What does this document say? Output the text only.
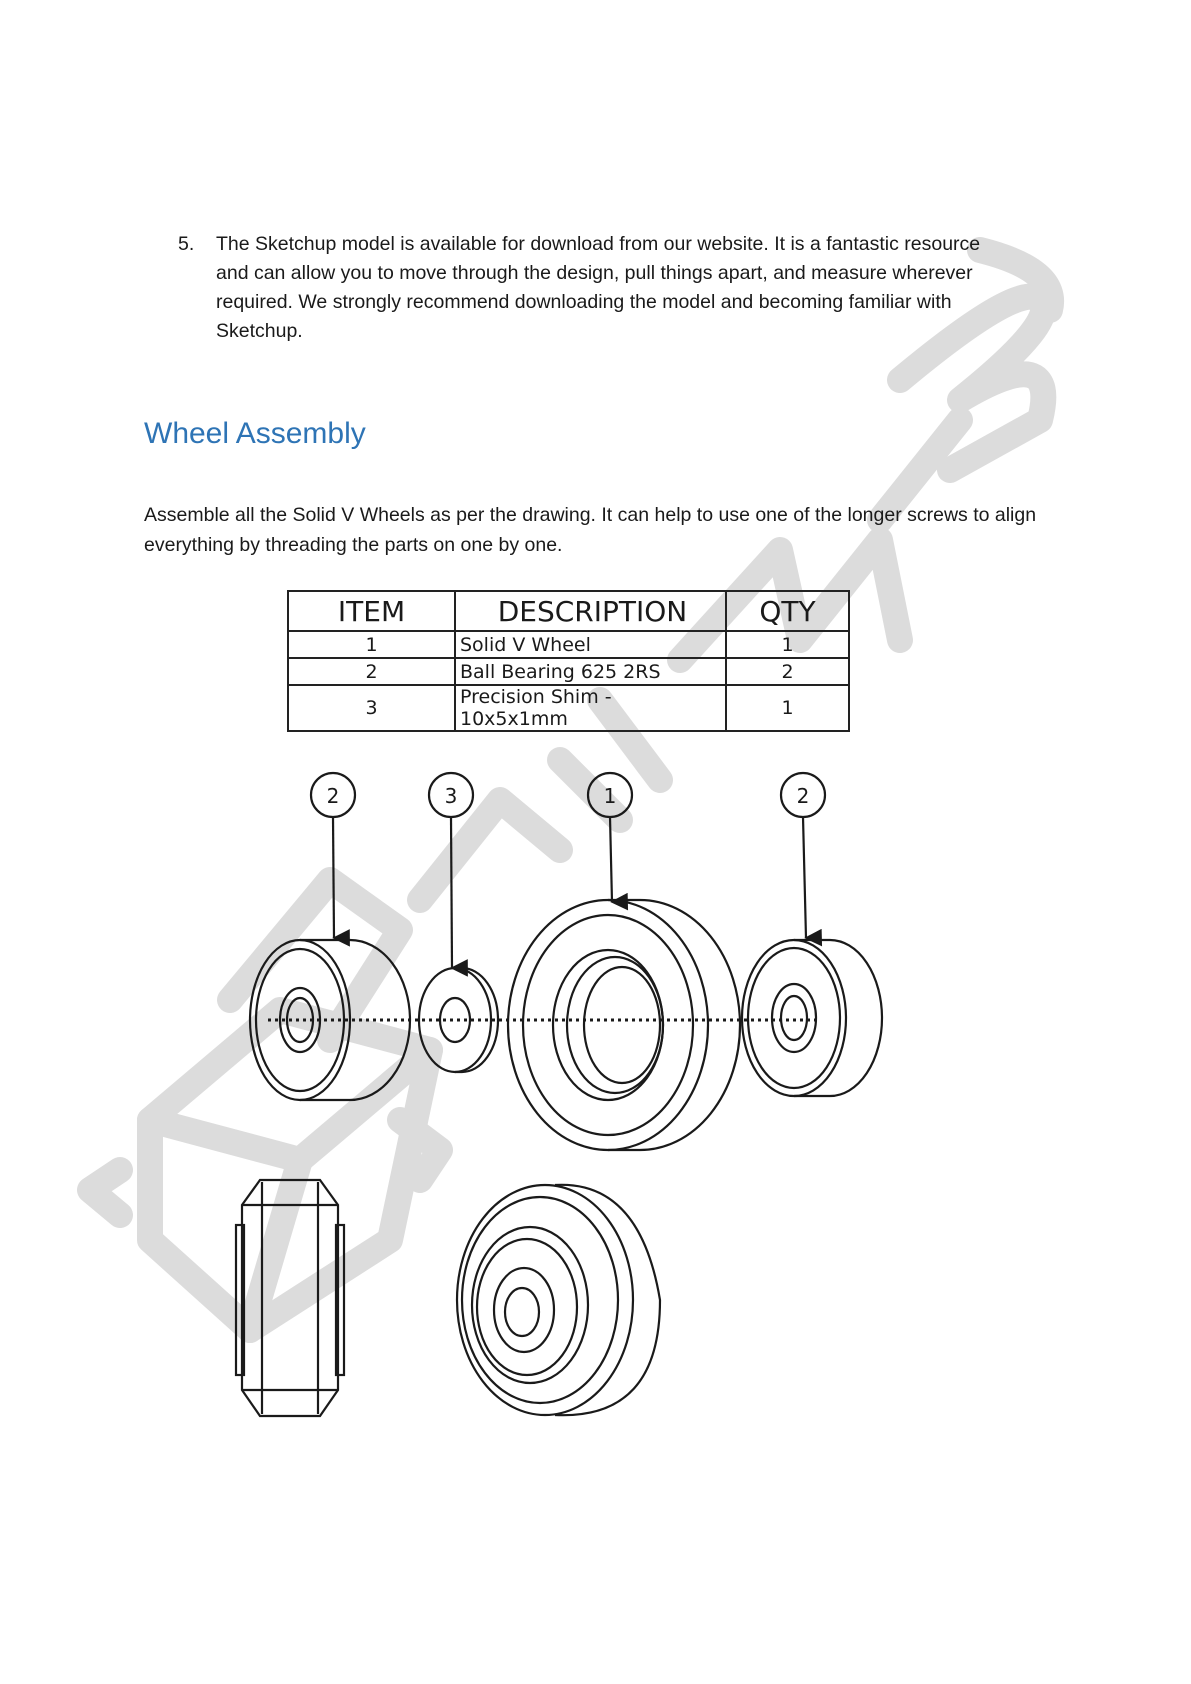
5.	The Sketchup model is available for download from our website. It is a fantastic resource and can allow you to move through the design, pull things apart, and measure wherever required. We strongly recommend downloading the model and becoming familiar with Sketchup.
Wheel Assembly

Assemble all the Solid V Wheels as per the drawing. It can help to use one of the longer screws to align everything by threading the parts on one by one.

ITEM	DESCRIPTION	QTY
1	Solid V Wheel	1
2	Ball Bearing 625 2RS	2
3	Precision Shim - 10x5x1mm	1
2	3	1	2
